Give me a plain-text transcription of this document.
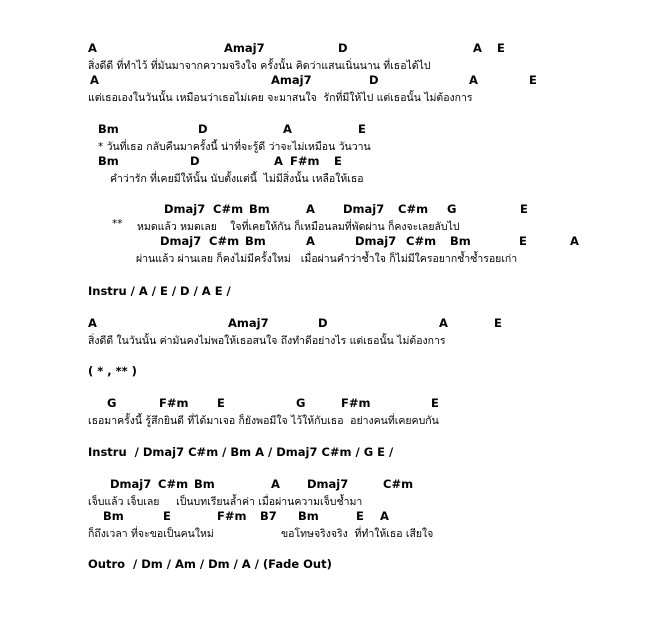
A	Amaj7	D	A E
สิ่งดีดี ที่ทำไว้ ที่มันมาจากความจริงใจ ครั้งนั้น คิดว่าแสนเนิ่นนาน ที่เธอได้ไป
A	Amaj7	D	A	E
แต่เธอเองในวันนั้น เหมือนว่าเธอไม่เคย จะมาสนใจ  รักที่มีให้ไป แต่เธอนั้น ไม่ต้องการ
Bm	D	A	E
* วันที่เธอ กลับคืนมาครั้งนี้ น่าที่จะรู้ดี ว่าจะไม่เหมือน วันวาน
Bm	D	A F#m E
คำว่ารัก ที่เคยมีให้นั้น นับตั้งแต่นี้  ไม่มีสิ่งนั้น เหลือให้เธอ
Dmaj7 C#m Bm	A Dmaj7 C#m G	E
** หมดแล้ว หมดเลย    ใจที่เคยให้กัน ก็เหมือนลมที่พัดผ่าน ก็คงจะเลยลับไป
Dmaj7 C#m Bm	A	Dmaj7 C#m Bm	E	A
ผ่านแล้ว ผ่านเลย ก็คงไม่มีครั้งใหม่   เมื่อผ่านคำว่าช้ำใจ ก็ไม่มีใครอยากช้ำซ้ำรอยเก่า
Instru / A / E / D / A E /
A	Amaj7	D	A	E
สิ่งดีดี ในวันนั้น ค่ามันคงไม่พอให้เธอสนใจ ถึงทำดีอย่างไร แต่เธอนั้น ไม่ต้องการ
( * , ** )
G	F#m E	G	F#m	E
เธอมาครั้งนี้ รู้สึกยินดี ที่ได้มาเจอ ก็ยังพอมีใจ ไว้ให้กับเธอ  อย่างคนที่เคยคบกัน
Instru  / Dmaj7 C#m / Bm A / Dmaj7 C#m / G E /
Dmaj7 C#m Bm	A Dmaj7	C#m
เจ็บแล้ว เจ็บเลย     เป็นบทเรียนล้ำค่า เมื่อผ่านความเจ็บช้ำมา
Bm	E	F#m B7 Bm	E A
ก็ถึงเวลา ที่จะขอเป็นคนใหม่	ขอโทษจริงจริง  ที่ทำให้เธอ เสียใจ
Outro  / Dm / Am / Dm / A / (Fade Out)
